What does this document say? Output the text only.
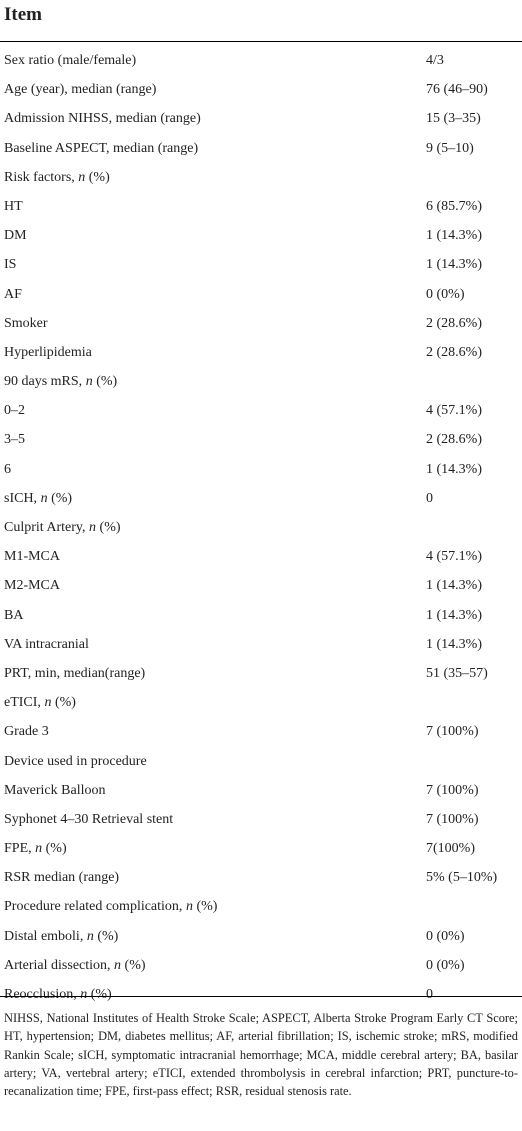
Item
Sex ratio (male/female)	4/3
Age (year), median (range)	76 (46–90)
Admission NIHSS, median (range)	15 (3–35)
Baseline ASPECT, median (range)	9 (5–10)
Risk factors, n (%)
HT	6 (85.7%)
DM	1 (14.3%)
IS	1 (14.3%)
AF	0 (0%)
Smoker	2 (28.6%)
Hyperlipidemia	2 (28.6%)
90 days mRS, n (%)
0–2	4 (57.1%)
3–5	2 (28.6%)
6	1 (14.3%)
sICH, n (%)	0
Culprit Artery, n (%)
M1-MCA	4 (57.1%)
M2-MCA	1 (14.3%)
BA	1 (14.3%)
VA intracranial	1 (14.3%)
PRT, min, median(range)	51 (35–57)
eTICI, n (%)
Grade 3	7 (100%)
Device used in procedure
Maverick Balloon	7 (100%)
Syphonet 4–30 Retrieval stent	7 (100%)
FPE, n (%)	7(100%)
RSR median (range)	5% (5–10%)
Procedure related complication, n (%)
Distal emboli, n (%)	0 (0%)
Arterial dissection, n (%)	0 (0%)
Reocclusion, n (%)	0
NIHSS, National Institutes of Health Stroke Scale; ASPECT, Alberta Stroke Program Early CT Score; HT, hypertension; DM, diabetes mellitus; AF, arterial fibrillation; IS, ischemic stroke; mRS, modified Rankin Scale; sICH, symptomatic intracranial hemorrhage; MCA, middle cerebral artery; BA, basilar artery; VA, vertebral artery; eTICI, extended thrombolysis in cerebral infarction; PRT, puncture-to-recanalization time; FPE, first-pass effect; RSR, residual stenosis rate.
